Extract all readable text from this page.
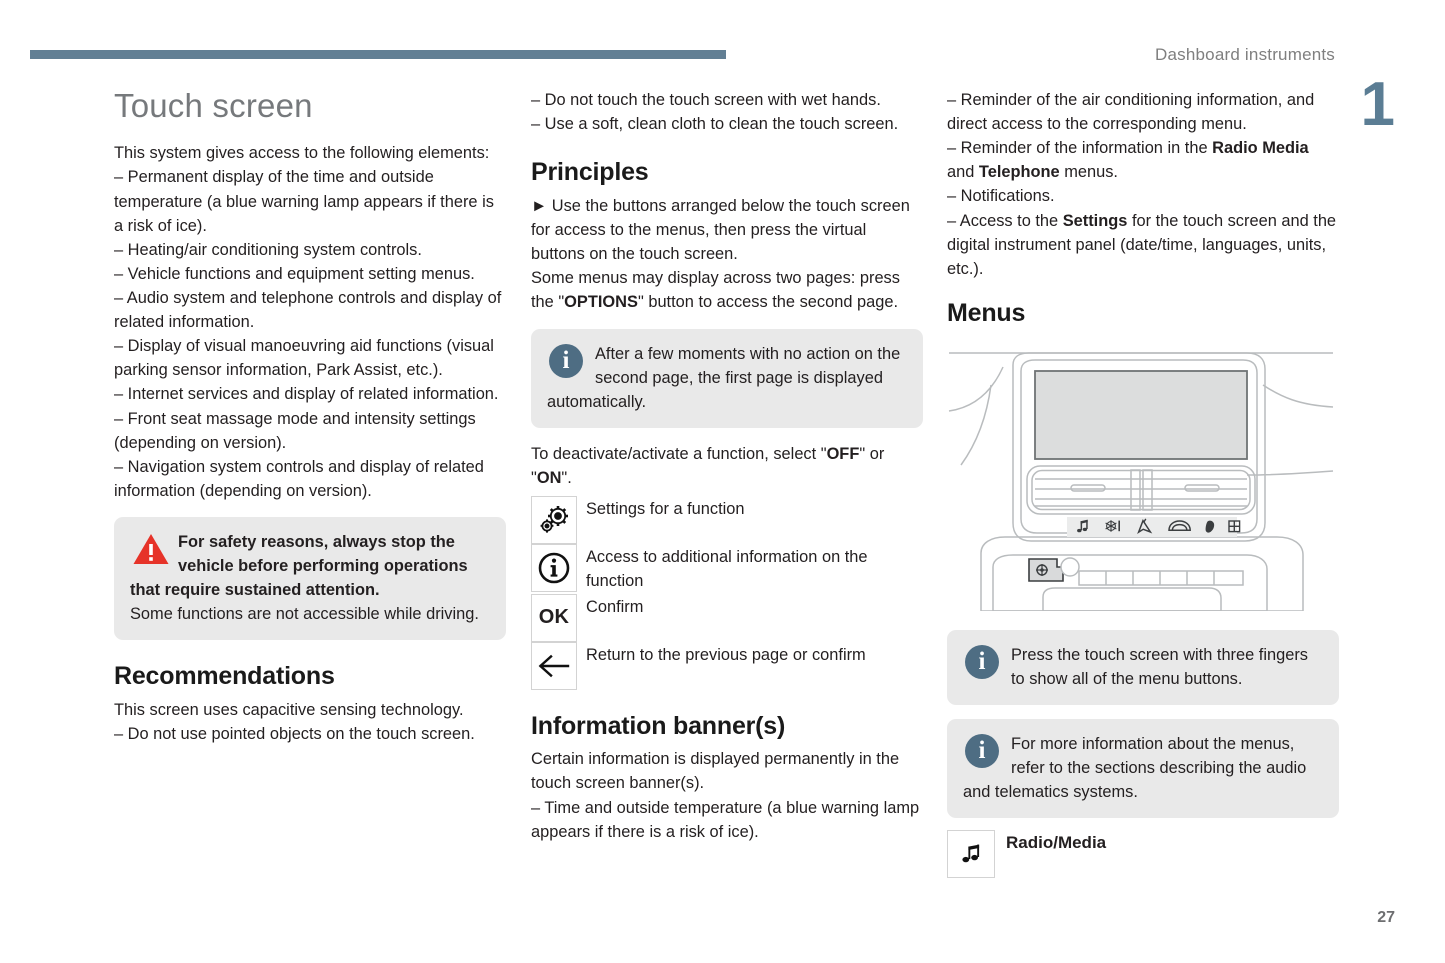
Dashboard instruments
1
Touch screen

This system gives access to the following elements:

– Permanent display of the time and outside temperature (a blue warning lamp appears if there is a risk of ice).

– Heating/air conditioning system controls.

– Vehicle functions and equipment setting menus.

– Audio system and telephone controls and display of related information.

– Display of visual manoeuvring aid functions (visual parking sensor information, Park Assist, etc.).

– Internet services and display of related information.

– Front seat massage mode and intensity settings (depending on version).

– Navigation system controls and display of related information (depending on version).

For safety reasons, always stop the vehicle before performing operations that require sustained attention.
Some functions are not accessible while driving.

Recommendations

This screen uses capacitive sensing technology.

– Do not use pointed objects on the touch screen.

– Do not touch the touch screen with wet hands.

– Use a soft, clean cloth to clean the touch screen.

Principles

► Use the buttons arranged below the touch screen for access to the menus, then press the virtual buttons on the touch screen.

Some menus may display across two pages: press the "OPTIONS" button to access the second page.

i	After a few moments with no action on the second page, the first page is displayed automatically.

To deactivate/activate a function, select "OFF" or "ON".

Settings for a function
Access to additional information on the function
OK	Confirm
Return to the previous page or confirm
Information banner(s)

Certain information is displayed permanently in the touch screen banner(s).

– Time and outside temperature (a blue warning lamp appears if there is a risk of ice).

– Reminder of the air conditioning information, and direct access to the corresponding menu.

– Reminder of the information in the Radio Media and Telephone menus.

– Notifications.

– Access to the Settings for the touch screen and the digital instrument panel (date/time, languages, units, etc.).

Menus
i	Press the touch screen with three fingers to show all of the menu buttons.

i	For more information about the menus, refer to the sections describing the audio and telematics systems.

Radio/Media
27
